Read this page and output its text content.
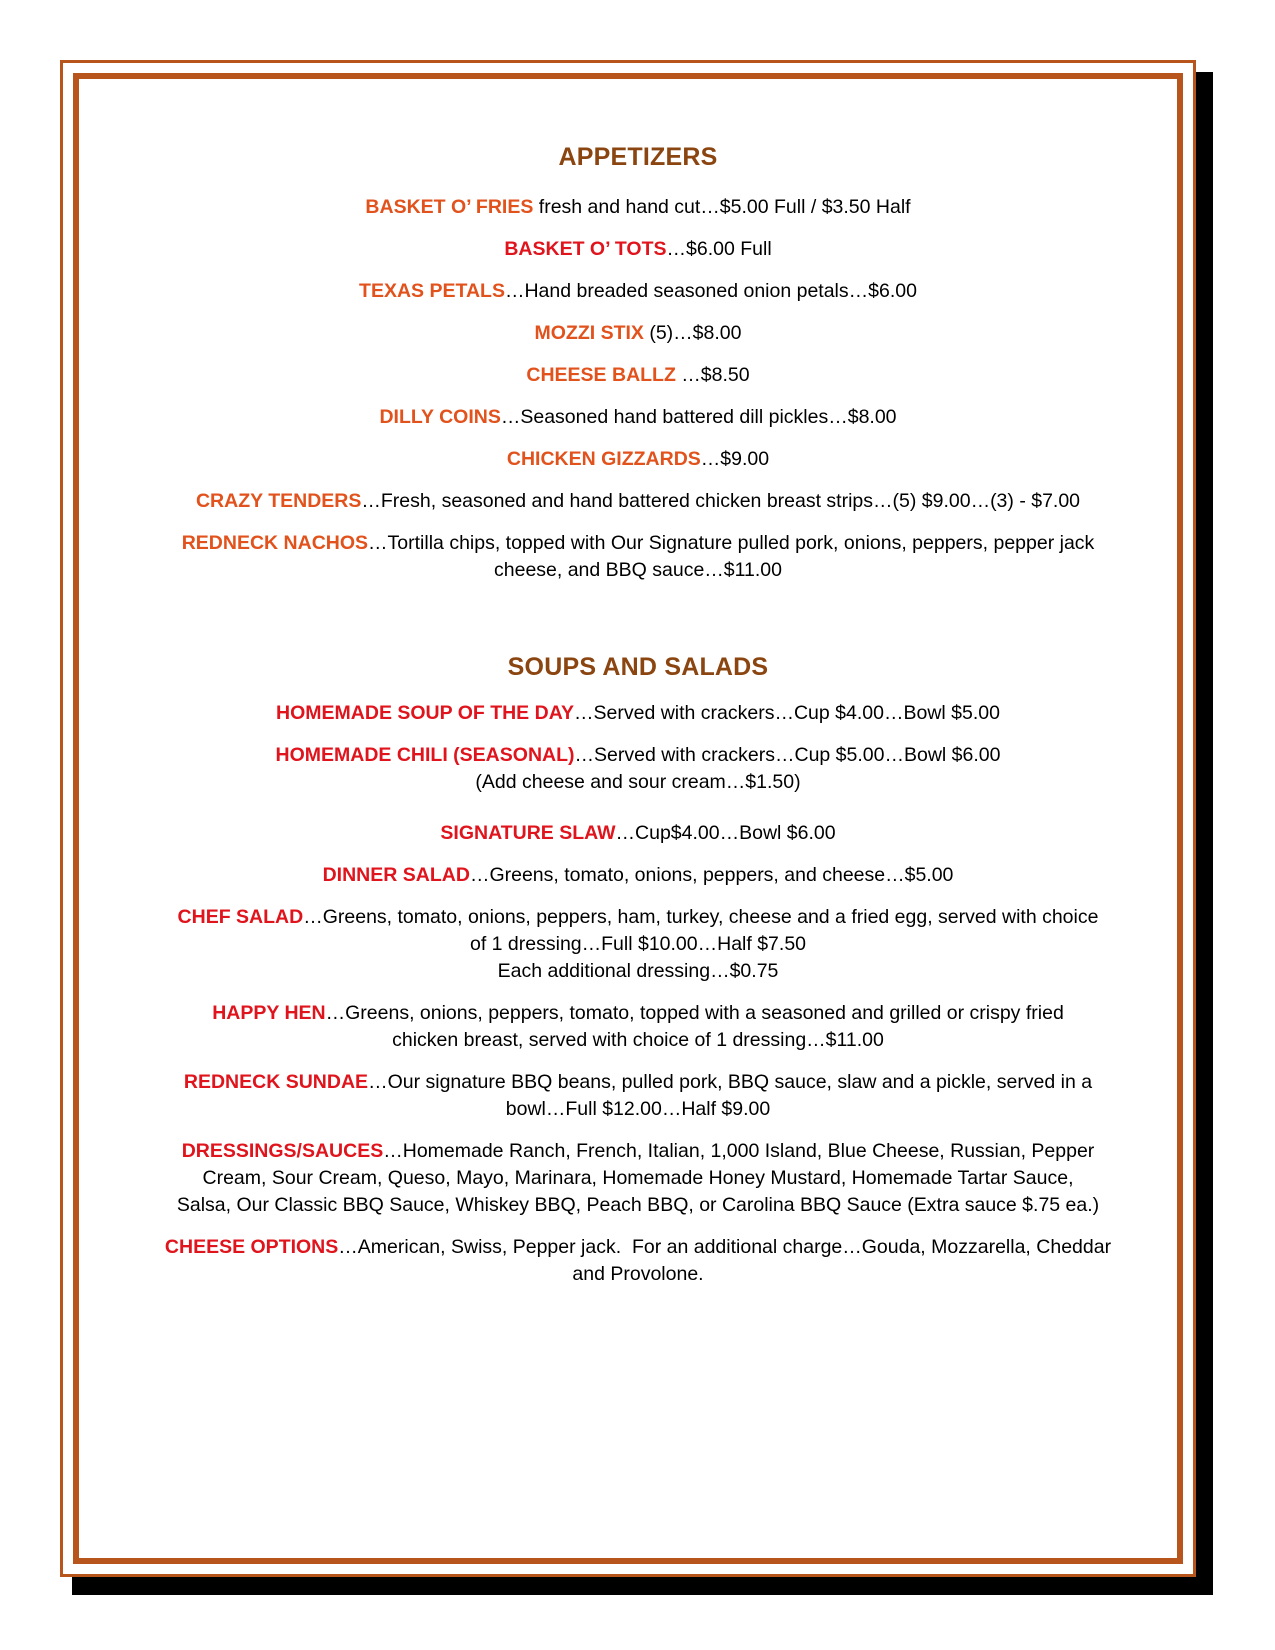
APPETIZERS
BASKET O’ FRIES fresh and hand cut…$5.00 Full / $3.50 Half
BASKET O’ TOTS…$6.00 Full
TEXAS PETALS…Hand breaded seasoned onion petals…$6.00
MOZZI STIX (5)…$8.00
CHEESE BALLZ …$8.50
DILLY COINS…Seasoned hand battered dill pickles…$8.00
CHICKEN GIZZARDS…$9.00
CRAZY TENDERS…Fresh, seasoned and hand battered chicken breast strips…(5) $9.00…(3) - $7.00
REDNECK NACHOS…Tortilla chips, topped with Our Signature pulled pork, onions, peppers, pepper jack
cheese, and BBQ sauce…$11.00
SOUPS AND SALADS
HOMEMADE SOUP OF THE DAY…Served with crackers…Cup $4.00…Bowl $5.00
HOMEMADE CHILI (SEASONAL)…Served with crackers…Cup $5.00…Bowl $6.00
(Add cheese and sour cream…$1.50)
SIGNATURE SLAW…Cup$4.00…Bowl $6.00
DINNER SALAD…Greens, tomato, onions, peppers, and cheese…$5.00
CHEF SALAD…Greens, tomato, onions, peppers, ham, turkey, cheese and a fried egg, served with choice
of 1 dressing…Full $10.00…Half $7.50
Each additional dressing…$0.75
HAPPY HEN…Greens, onions, peppers, tomato, topped with a seasoned and grilled or crispy fried
chicken breast, served with choice of 1 dressing…$11.00
REDNECK SUNDAE…Our signature BBQ beans, pulled pork, BBQ sauce, slaw and a pickle, served in a
bowl…Full $12.00…Half $9.00
DRESSINGS/SAUCES…Homemade Ranch, French, Italian, 1,000 Island, Blue Cheese, Russian, Pepper
Cream, Sour Cream, Queso, Mayo, Marinara, Homemade Honey Mustard, Homemade Tartar Sauce,
Salsa, Our Classic BBQ Sauce, Whiskey BBQ, Peach BBQ, or Carolina BBQ Sauce (Extra sauce $.75 ea.)
CHEESE OPTIONS…American, Swiss, Pepper jack.  For an additional charge…Gouda, Mozzarella, Cheddar
and Provolone.
